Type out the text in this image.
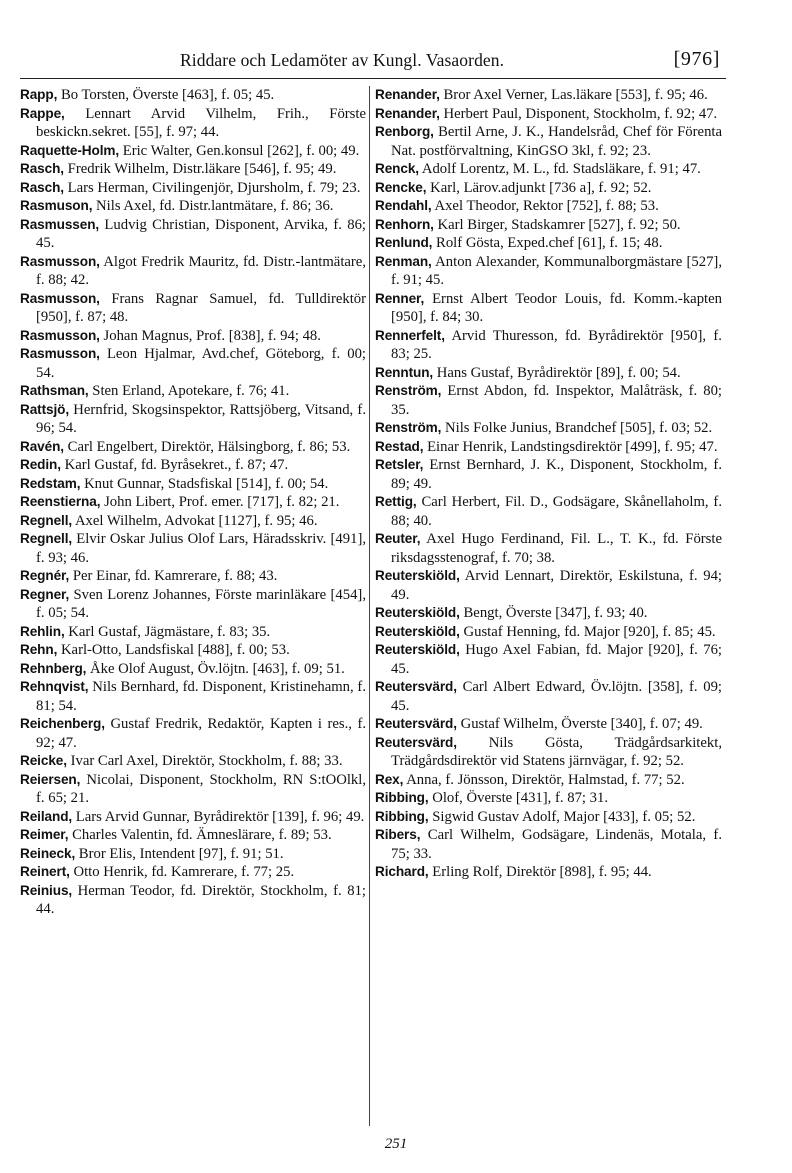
Riddare och Ledamöter av Kungl. Vasaorden.	[976]

Rapp, Bo Torsten, Överste [463], f. 05; 45.

Rappe, Lennart Arvid Vilhelm, Frih., Förste beskickn.sekret. [55], f. 97; 44.

Raquette-Holm, Eric Walter, Gen.konsul [262], f. 00; 49.

Rasch, Fredrik Wilhelm, Distr.läkare [546], f. 95; 49.

Rasch, Lars Herman, Civilingenjör, Djursholm, f. 79; 23.

Rasmuson, Nils Axel, fd. Distr.lantmätare, f. 86; 36.

Rasmussen, Ludvig Christian, Disponent, Arvika, f. 86; 45.

Rasmusson, Algot Fredrik Mauritz, fd. Distr.-lantmätare, f. 88; 42.

Rasmusson, Frans Ragnar Samuel, fd. Tulldirektör [950], f. 87; 48.

Rasmusson, Johan Magnus, Prof. [838], f. 94; 48.

Rasmusson, Leon Hjalmar, Avd.chef, Göteborg, f. 00; 54.

Rathsman, Sten Erland, Apotekare, f. 76; 41.

Rattsjö, Hernfrid, Skogsinspektor, Rattsjöberg, Vitsand, f. 96; 54.

Ravén, Carl Engelbert, Direktör, Hälsingborg, f. 86; 53.

Redin, Karl Gustaf, fd. Byråsekret., f. 87; 47.

Redstam, Knut Gunnar, Stadsfiskal [514], f. 00; 54.

Reenstierna, John Libert, Prof. emer. [717], f. 82; 21.

Regnell, Axel Wilhelm, Advokat [1127], f. 95; 46.

Regnell, Elvir Oskar Julius Olof Lars, Häradsskriv. [491], f. 93; 46.

Regnér, Per Einar, fd. Kamrerare, f. 88; 43.

Regner, Sven Lorenz Johannes, Förste marinläkare [454], f. 05; 54.

Rehlin, Karl Gustaf, Jägmästare, f. 83; 35.

Rehn, Karl-Otto, Landsfiskal [488], f. 00; 53.

Rehnberg, Åke Olof August, Öv.löjtn. [463], f. 09; 51.

Rehnqvist, Nils Bernhard, fd. Disponent, Kristinehamn, f. 81; 54.

Reichenberg, Gustaf Fredrik, Redaktör, Kapten i res., f. 92; 47.

Reicke, Ivar Carl Axel, Direktör, Stockholm, f. 88; 33.

Reiersen, Nicolai, Disponent, Stockholm, RN S:tOOlkl, f. 65; 21.

Reiland, Lars Arvid Gunnar, Byrådirektör [139], f. 96; 49.

Reimer, Charles Valentin, fd. Ämneslärare, f. 89; 53.

Reineck, Bror Elis, Intendent [97], f. 91; 51.

Reinert, Otto Henrik, fd. Kamrerare, f. 77; 25.

Reinius, Herman Teodor, fd. Direktör, Stockholm, f. 81; 44.

Renander, Bror Axel Verner, Las.läkare [553], f. 95; 46.

Renander, Herbert Paul, Disponent, Stockholm, f. 92; 47.

Renborg, Bertil Arne, J. K., Handelsråd, Chef för Förenta Nat. postförvaltning, KinGSO 3kl, f. 92; 23.

Renck, Adolf Lorentz, M. L., fd. Stadsläkare, f. 91; 47.

Rencke, Karl, Lärov.adjunkt [736 a], f. 92; 52.

Rendahl, Axel Theodor, Rektor [752], f. 88; 53.

Renhorn, Karl Birger, Stadskamrer [527], f. 92; 50.

Renlund, Rolf Gösta, Exped.chef [61], f. 15; 48.

Renman, Anton Alexander, Kommunalborgmästare [527], f. 91; 45.

Renner, Ernst Albert Teodor Louis, fd. Komm.-kapten [950], f. 84; 30.

Rennerfelt, Arvid Thuresson, fd. Byrådirektör [950], f. 83; 25.

Renntun, Hans Gustaf, Byrådirektör [89], f. 00; 54.

Renström, Ernst Abdon, fd. Inspektor, Malåträsk, f. 80; 35.

Renström, Nils Folke Junius, Brandchef [505], f. 03; 52.

Restad, Einar Henrik, Landstingsdirektör [499], f. 95; 47.

Retsler, Ernst Bernhard, J. K., Disponent, Stockholm, f. 89; 49.

Rettig, Carl Herbert, Fil. D., Godsägare, Skånellaholm, f. 88; 40.

Reuter, Axel Hugo Ferdinand, Fil. L., T. K., fd. Förste riksdagsstenograf, f. 70; 38.

Reuterskiöld, Arvid Lennart, Direktör, Eskilstuna, f. 94; 49.

Reuterskiöld, Bengt, Överste [347], f. 93; 40.

Reuterskiöld, Gustaf Henning, fd. Major [920], f. 85; 45.

Reuterskiöld, Hugo Axel Fabian, fd. Major [920], f. 76; 45.

Reutersvärd, Carl Albert Edward, Öv.löjtn. [358], f. 09; 45.

Reutersvärd, Gustaf Wilhelm, Överste [340], f. 07; 49.

Reutersvärd, Nils Gösta, Trädgårdsarkitekt, Trädgårdsdirektör vid Statens järnvägar, f. 92; 52.

Rex, Anna, f. Jönsson, Direktör, Halmstad, f. 77; 52.

Ribbing, Olof, Överste [431], f. 87; 31.

Ribbing, Sigwid Gustav Adolf, Major [433], f. 05; 52.

Ribers, Carl Wilhelm, Godsägare, Lindenäs, Motala, f. 75; 33.

Richard, Erling Rolf, Direktör [898], f. 95; 44.

251
